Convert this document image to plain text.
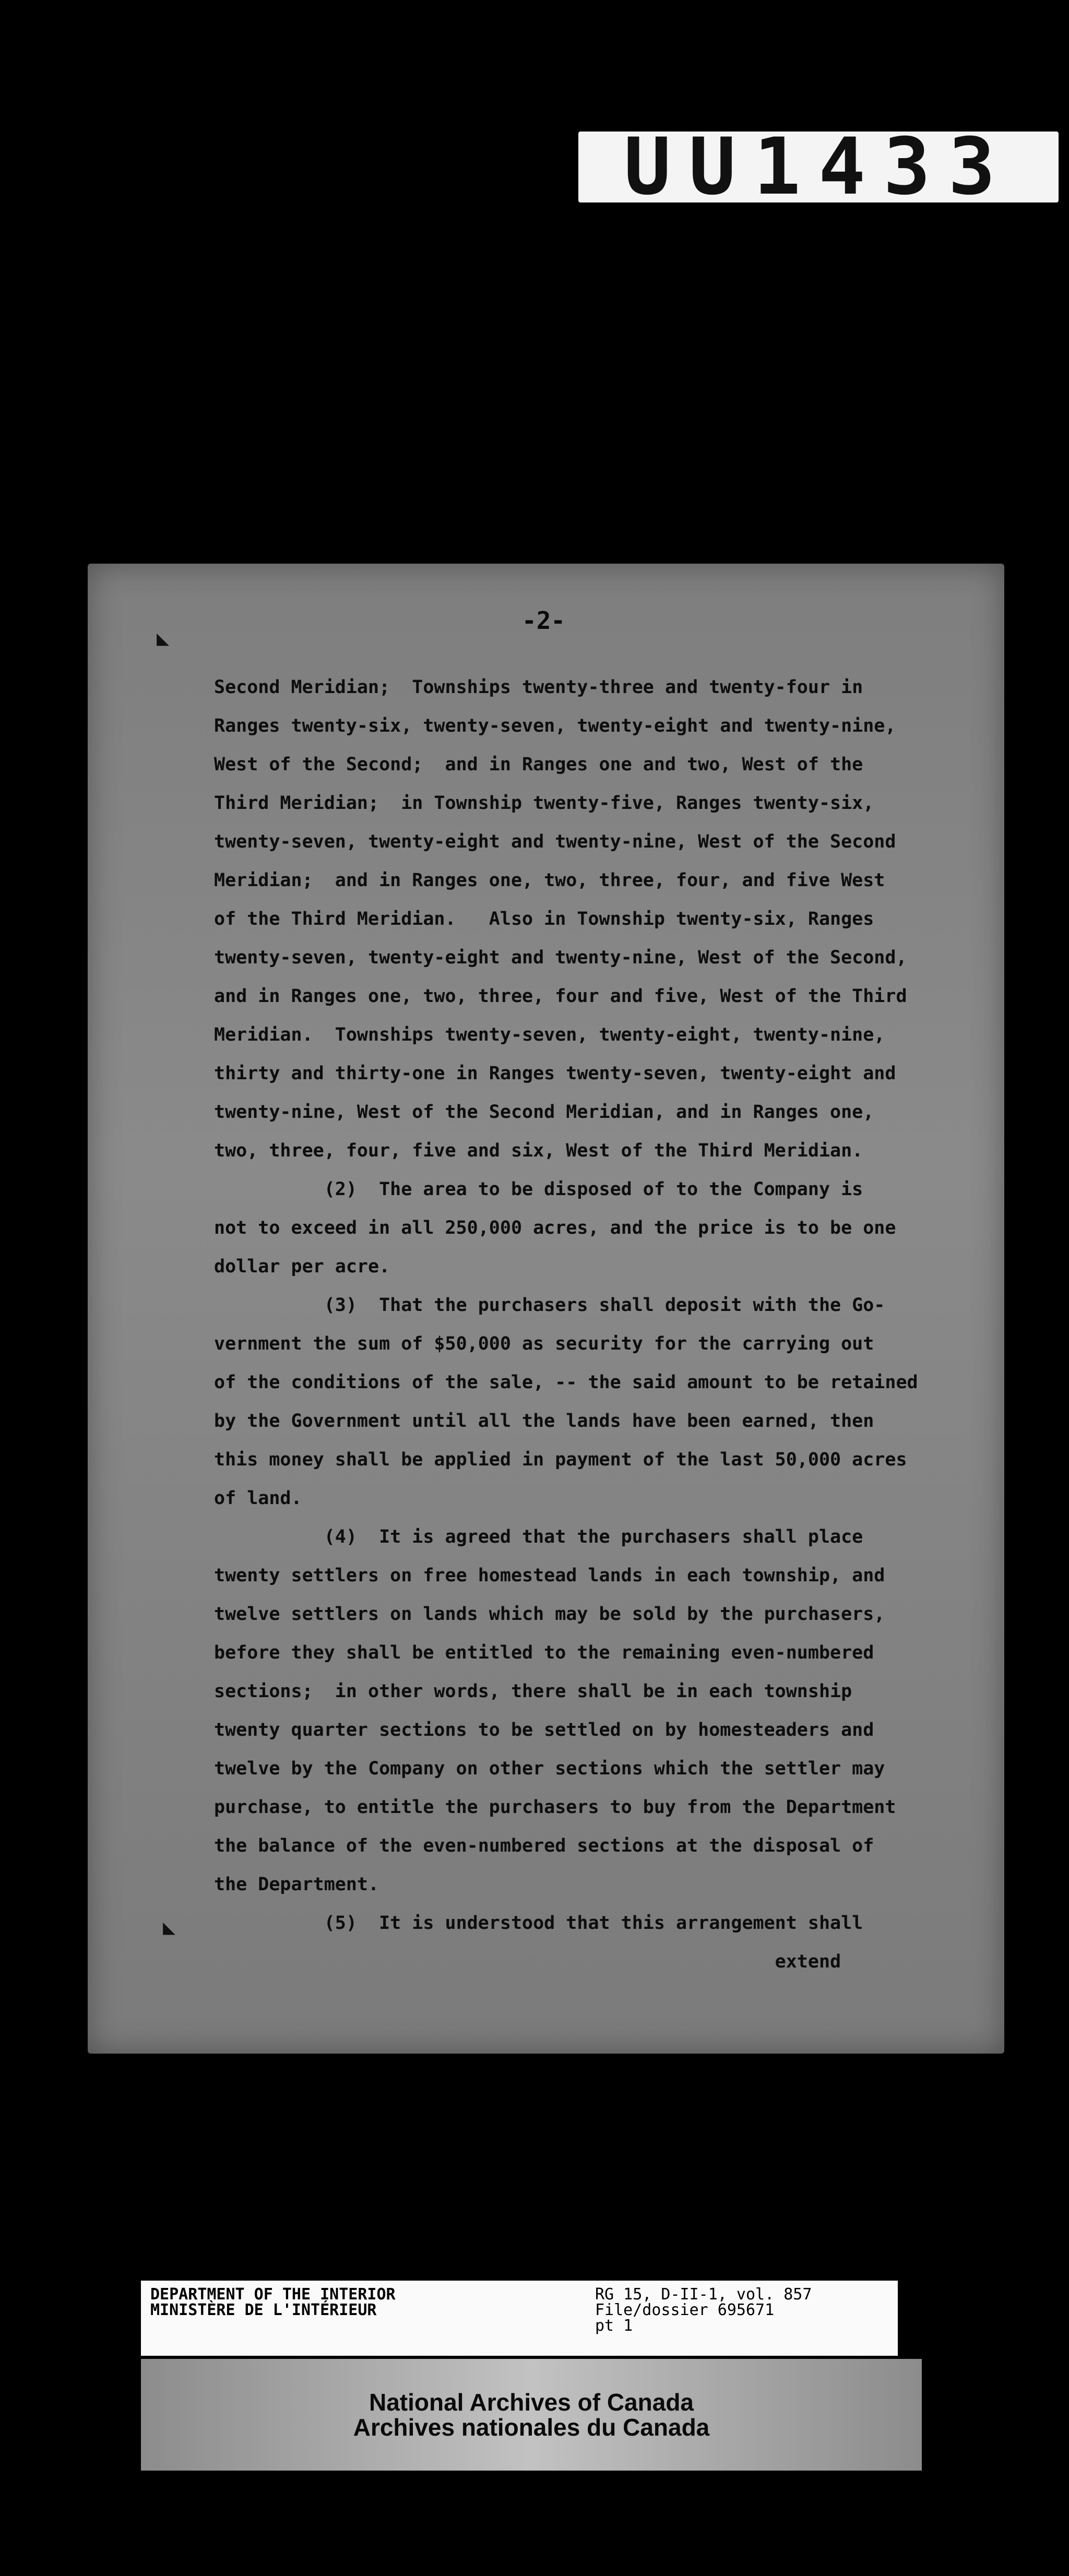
UU1433
-2-
◣
◣
Second Meridian;  Townships twenty-three and twenty-four in
Ranges twenty-six, twenty-seven, twenty-eight and twenty-nine,
West of the Second;  and in Ranges one and two, West of the
Third Meridian;  in Township twenty-five, Ranges twenty-six,
twenty-seven, twenty-eight and twenty-nine, West of the Second
Meridian;  and in Ranges one, two, three, four, and five West
of the Third Meridian.   Also in Township twenty-six, Ranges
twenty-seven, twenty-eight and twenty-nine, West of the Second,
and in Ranges one, two, three, four and five, West of the Third
Meridian.  Townships twenty-seven, twenty-eight, twenty-nine,
thirty and thirty-one in Ranges twenty-seven, twenty-eight and
twenty-nine, West of the Second Meridian, and in Ranges one,
two, three, four, five and six, West of the Third Meridian.
(2)  The area to be disposed of to the Company is
not to exceed in all 250,000 acres, and the price is to be one
dollar per acre.
(3)  That the purchasers shall deposit with the Go-
vernment the sum of $50,000 as security for the carrying out
of the conditions of the sale, -- the said amount to be retained
by the Government until all the lands have been earned, then
this money shall be applied in payment of the last 50,000 acres
of land.
(4)  It is agreed that the purchasers shall place
twenty settlers on free homestead lands in each township, and
twelve settlers on lands which may be sold by the purchasers,
before they shall be entitled to the remaining even-numbered
sections;  in other words, there shall be in each township
twenty quarter sections to be settled on by homesteaders and
twelve by the Company on other sections which the settler may
purchase, to entitle the purchasers to buy from the Department
the balance of the even-numbered sections at the disposal of
the Department.
(5)  It is understood that this arrangement shall
extend
DEPARTMENT OF THE INTERIOR
MINISTÈRE DE L'INTÉRIEUR
RG 15, D-II-1, vol. 857
File/dossier 695671
pt 1
National Archives of Canada
Archives nationales du Canada
